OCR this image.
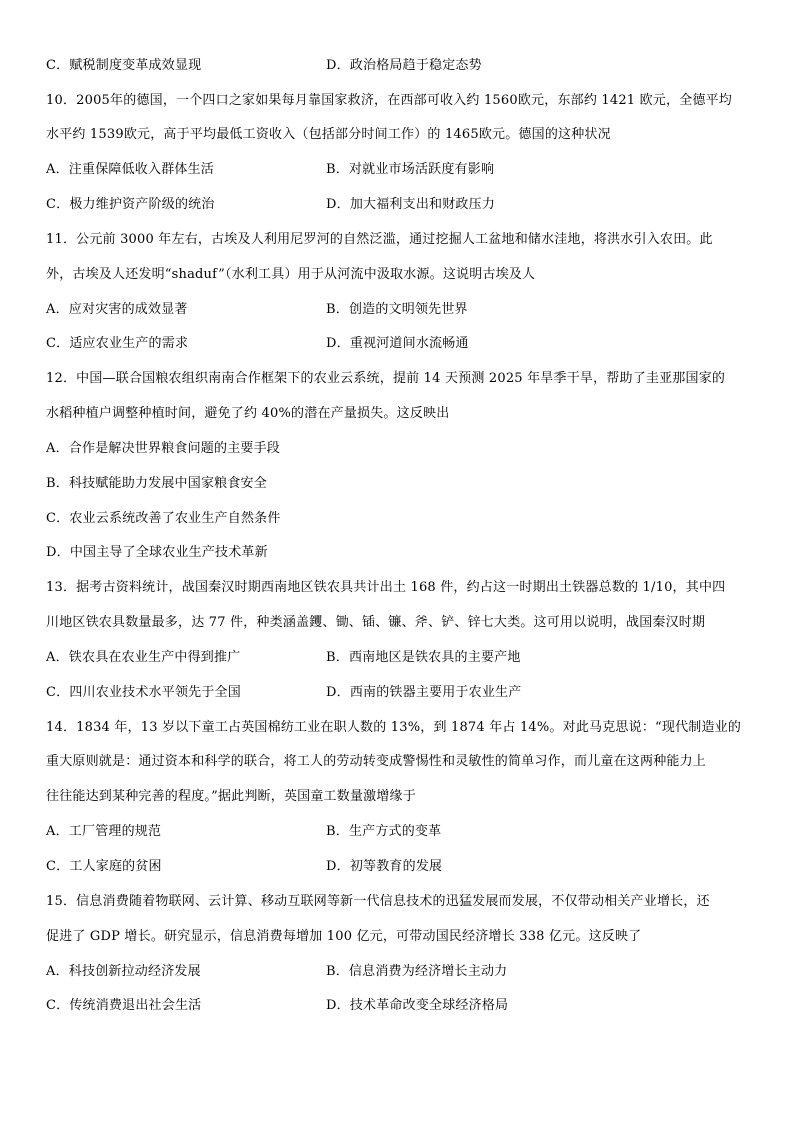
C．赋税制度变革成效显现	D．政治格局趋于稳定态势
10．2005年的德国，一个四口之家如果每月靠国家救济，在西部可收入约 1560欧元，东部约 1421 欧元，全德平均
水平约 1539欧元，高于平均最低工资收入（包括部分时间工作）的 1465欧元。德国的这种状况
A．注重保障低收入群体生活	B．对就业市场活跃度有影响
C．极力维护资产阶级的统治	D．加大福利支出和财政压力
11．公元前 3000 年左右，古埃及人利用尼罗河的自然泛滥，通过挖掘人工盆地和储水洼地，将洪水引入农田。此
外，古埃及人还发明“shaduf”（水利工具）用于从河流中汲取水源。这说明古埃及人
A．应对灾害的成效显著	B．创造的文明领先世界
C．适应农业生产的需求	D．重视河道间水流畅通
12．中国—联合国粮农组织南南合作框架下的农业云系统，提前 14 天预测 2025 年旱季干旱，帮助了圭亚那国家的
水稻种植户调整种植时间，避免了约 40%的潜在产量损失。这反映出
A．合作是解决世界粮食问题的主要手段
B．科技赋能助力发展中国家粮食安全
C．农业云系统改善了农业生产自然条件
D．中国主导了全球农业生产技术革新
13．据考古资料统计，战国秦汉时期西南地区铁农具共计出土 168 件，约占这一时期出土铁器总数的 1/10，其中四
川地区铁农具数量最多，达 77 件，种类涵盖钁、锄、锸、镰、斧、铲、锌七大类。这可用以说明，战国秦汉时期
A．铁农具在农业生产中得到推广	B．西南地区是铁农具的主要产地
C．四川农业技术水平领先于全国	D．西南的铁器主要用于农业生产
14．1834 年，13 岁以下童工占英国棉纺工业在职人数的 13%，到 1874 年占 14%。对此马克思说：“现代制造业的
重大原则就是：通过资本和科学的联合，将工人的劳动转变成警惕性和灵敏性的简单习作，而儿童在这两种能力上
往往能达到某种完善的程度。”据此判断，英国童工数量激增缘于
A．工厂管理的规范	B．生产方式的变革
C．工人家庭的贫困	D．初等教育的发展
15．信息消费随着物联网、云计算、移动互联网等新一代信息技术的迅猛发展而发展，不仅带动相关产业增长，还
促进了 GDP 增长。研究显示，信息消费每增加 100 亿元，可带动国民经济增长 338 亿元。这反映了
A．科技创新拉动经济发展	B．信息消费为经济增长主动力
C．传统消费退出社会生活	D．技术革命改变全球经济格局
